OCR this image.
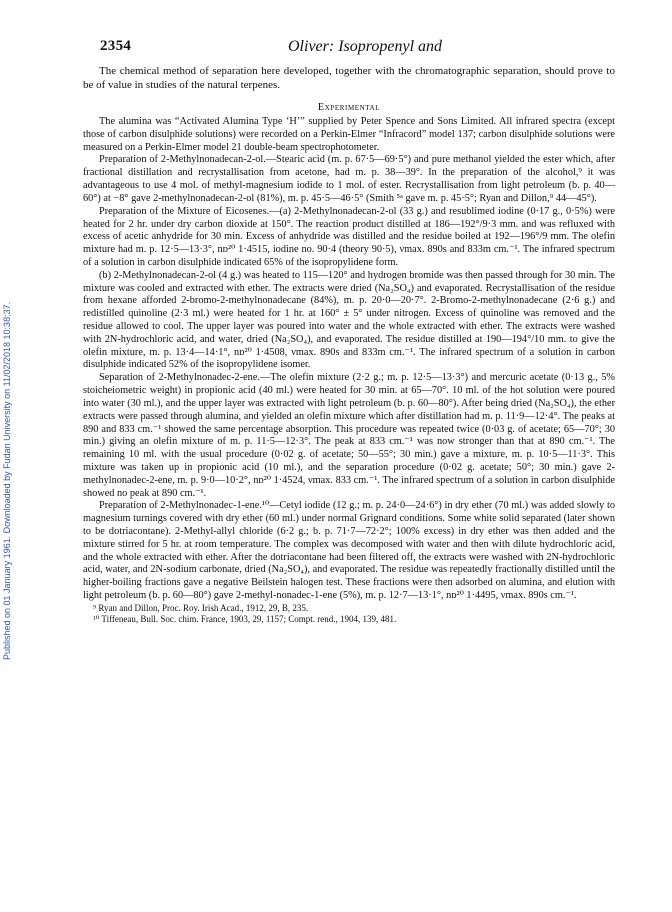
2354	Oliver: Isopropenyl and
Published on 01 January 1961. Downloaded by Fudan University on 11/02/2018 10:38:37.

The chemical method of separation here developed, together with the chromatographic separation, should prove to be of value in studies of the natural terpenes.

Experimental

The alumina was “Activated Alumina Type ‘H’” supplied by Peter Spence and Sons Limited. All infrared spectra (except those of carbon disulphide solutions) were recorded on a Perkin-Elmer “Infracord” model 137; carbon disulphide solutions were measured on a Perkin-Elmer model 21 double-beam spectrophotometer.

Preparation of 2-Methylnonadecan-2-ol.—Stearic acid (m. p. 67·5—69·5°) and pure methanol yielded the ester which, after fractional distillation and recrystallisation from acetone, had m. p. 38—39°. In the preparation of the alcohol,⁹ it was advantageous to use 4 mol. of methyl-magnesium iodide to 1 mol. of ester. Recrystallisation from light petroleum (b. p. 40—60°) at −8° gave 2-methylnonadecan-2-ol (81%), m. p. 45·5—46·5° (Smith ⁵ᵃ gave m. p. 45·5°; Ryan and Dillon,⁹ 44—45°).

Preparation of the Mixture of Eicosenes.—(a) 2-Methylnonadecan-2-ol (33 g.) and resublimed iodine (0·17 g., 0·5%) were heated for 2 hr. under dry carbon dioxide at 150°. The reaction product distilled at 186—192°/9·3 mm. and was refluxed with excess of acetic anhydride for 30 min. Excess of anhydride was distilled and the residue boiled at 192—196°/9 mm. The olefin mixture had m. p. 12·5—13·3°, nᴅ²⁰ 1·4515, iodine no. 90·4 (theory 90·5), νmax. 890s and 833m cm.⁻¹. The infrared spectrum of a solution in carbon disulphide indicated 65% of the isopropylidene form.

(b) 2-Methylnonadecan-2-ol (4 g.) was heated to 115—120° and hydrogen bromide was then passed through for 30 min. The mixture was cooled and extracted with ether. The extracts were dried (Na₂SO₄) and evaporated. Recrystallisation of the residue from hexane afforded 2-bromo-2-methylnonadecane (84%), m. p. 20·0—20·7°. 2-Bromo-2-methylnonadecane (2·6 g.) and redistilled quinoline (2·3 ml.) were heated for 1 hr. at 160° ± 5° under nitrogen. Excess of quinoline was removed and the residue allowed to cool. The upper layer was poured into water and the whole extracted with ether. The extracts were washed with 2N-hydrochloric acid, and water, dried (Na₂SO₄), and evaporated. The residue distilled at 190—194°/10 mm. to give the olefin mixture, m. p. 13·4—14·1°, nᴅ²⁰ 1·4508, νmax. 890s and 833m cm.⁻¹. The infrared spectrum of a solution in carbon disulphide indicated 52% of the isopropylidene isomer.

Separation of 2-Methylnonadec-2-ene.—The olefin mixture (2·2 g.; m. p. 12·5—13·3°) and mercuric acetate (0·13 g., 5% stoicheiometric weight) in propionic acid (40 ml.) were heated for 30 min. at 65—70°. 10 ml. of the hot solution were poured into water (30 ml.), and the upper layer was extracted with light petroleum (b. p. 60—80°). After being dried (Na₂SO₄), the ether extracts were passed through alumina, and yielded an olefin mixture which after distillation had m. p. 11·9—12·4°. The peaks at 890 and 833 cm.⁻¹ showed the same percentage absorption. This procedure was repeated twice (0·03 g. of acetate; 65—70°; 30 min.) giving an olefin mixture of m. p. 11·5—12·3°. The peak at 833 cm.⁻¹ was now stronger than that at 890 cm.⁻¹. The remaining 10 ml. with the usual procedure (0·02 g. of acetate; 50—55°; 30 min.) gave a mixture, m. p. 10·5—11·3°. This mixture was taken up in propionic acid (10 ml.), and the separation procedure (0·02 g. acetate; 50°; 30 min.) gave 2-methylnonadec-2-ene, m. p. 9·0—10·2°, nᴅ²⁰ 1·4524, νmax. 833 cm.⁻¹. The infrared spectrum of a solution in carbon disulphide showed no peak at 890 cm.⁻¹.

Preparation of 2-Methylnonadec-1-ene.¹⁰—Cetyl iodide (12 g.; m. p. 24·0—24·6°) in dry ether (70 ml.) was added slowly to magnesium turnings covered with dry ether (60 ml.) under normal Grignard conditions. Some white solid separated (later shown to be dotriacontane). 2-Methyl-allyl chloride (6·2 g.; b. p. 71·7—72·2°; 100% excess) in dry ether was then added and the mixture stirred for 5 hr. at room temperature. The complex was decomposed with water and then with dilute hydrochloric acid, and the whole extracted with ether. After the dotriacontane had been filtered off, the extracts were washed with 2N-hydrochloric acid, water, and 2N-sodium carbonate, dried (Na₂SO₄), and evaporated. The residue was repeatedly fractionally distilled until the higher-boiling fractions gave a negative Beilstein halogen test. These fractions were then adsorbed on alumina, and elution with light petroleum (b. p. 60—80°) gave 2-methyl-nonadec-1-ene (5%), m. p. 12·7—13·1°, nᴅ²⁰ 1·4495, νmax. 890s cm.⁻¹.

⁹ Ryan and Dillon, Proc. Roy. Irish Acad., 1912, 29, B, 235.

¹⁰ Tiffeneau, Bull. Soc. chim. France, 1903, 29, 1157; Compt. rend., 1904, 139, 481.
